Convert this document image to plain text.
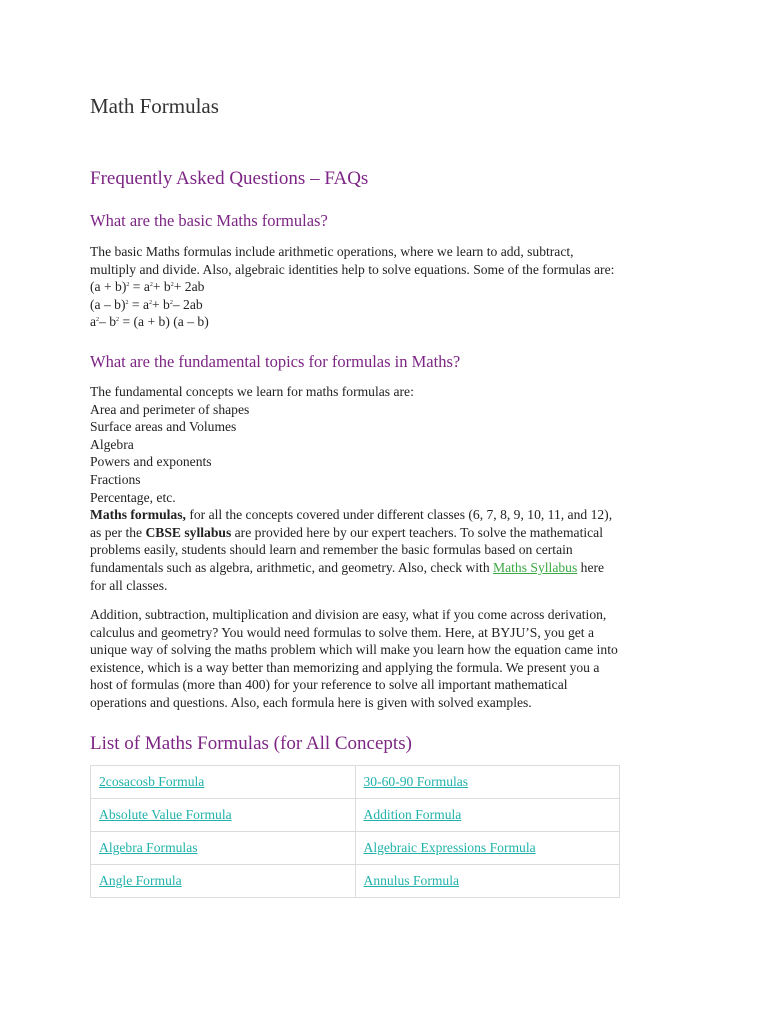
Math Formulas
Frequently Asked Questions – FAQs
What are the basic Maths formulas?
The basic Maths formulas include arithmetic operations, where we learn to add, subtract,
multiply and divide. Also, algebraic identities help to solve equations. Some of the formulas are:
$(a + b)^2 = a^2+ b^2+ 2ab$
$(a - b)^2 = a^2+ b^2-$ 2ab
$a^2-$ $b^2 = (a + b)$ (a – b)
What are the fundamental topics for formulas in Maths?
The fundamental concepts we learn for maths formulas are:
Area and perimeter of shapes
Surface areas and Volumes
Algebra
Powers and exponents
Fractions
Percentage, etc.
Maths formulas, for all the concepts covered under different classes (6, 7, 8, 9, 10, 11, and 12),
as per the CBSE syllabus are provided here by our expert teachers. To solve the mathematical
problems easily, students should learn and remember the basic formulas based on certain
fundamentals such as algebra, arithmetic, and geometry. Also, check with Maths Syllabus here
for all classes.
Addition, subtraction, multiplication and division are easy, what if you come across derivation,
calculus and geometry? You would need formulas to solve them. Here, at BYJU’S, you get a
unique way of solving the maths problem which will make you learn how the equation came into
existence, which is a way better than memorizing and applying the formula. We present you a
host of formulas (more than 400) for your reference to solve all important mathematical
operations and questions. Also, each formula here is given with solved examples.
List of Maths Formulas (for All Concepts)
2cosacosb Formula	30-60-90 Formulas
Absolute Value Formula	Addition Formula
Algebra Formulas	Algebraic Expressions Formula
Angle Formula	Annulus Formula
